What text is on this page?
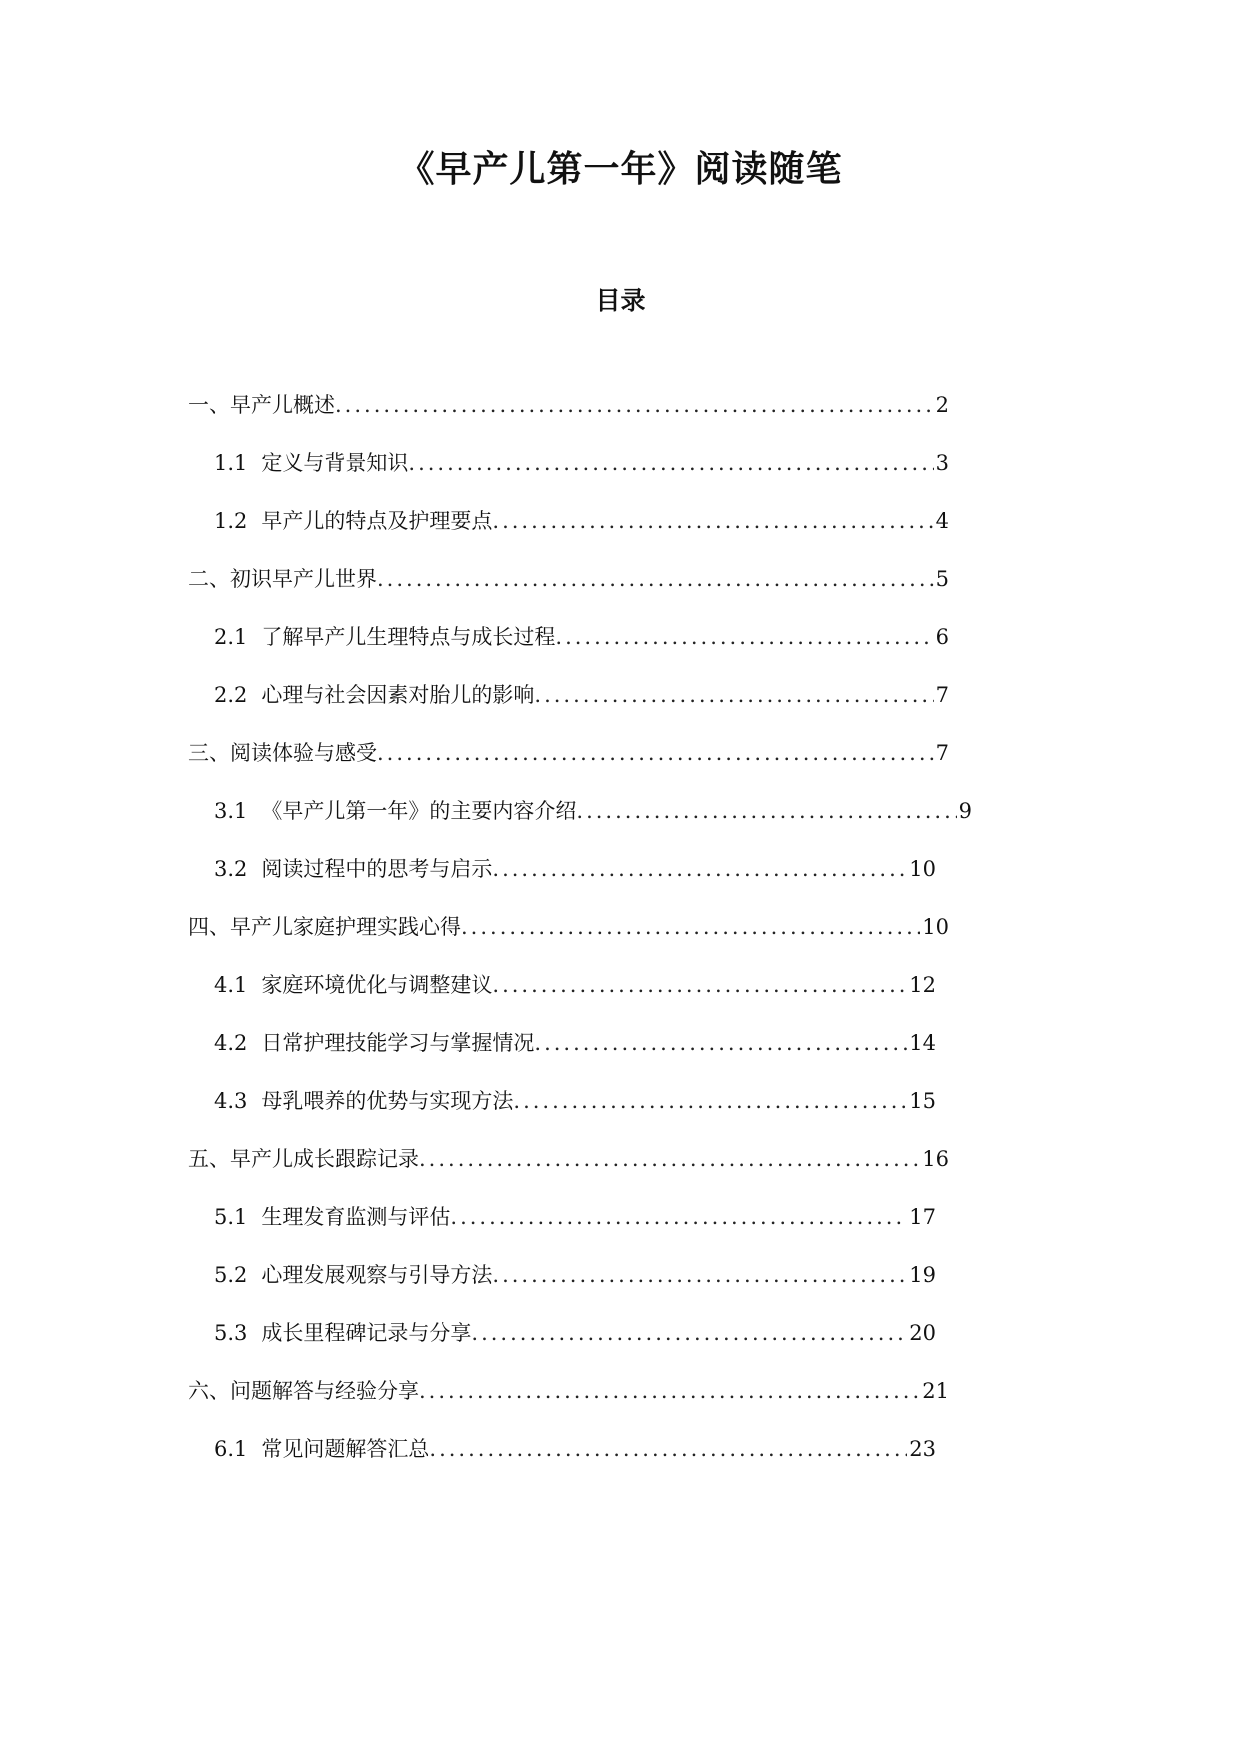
《早产儿第一年》阅读随笔
目录
一、早产儿概述 .....	2
1.1 定义与背景知识 .....	3
1.2 早产儿的特点及护理要点 .....	4
二、初识早产儿世界 .....	5
2.1 了解早产儿生理特点与成长过程 .....	6
2.2 心理与社会因素对胎儿的影响 .....	7
三、阅读体验与感受 .....	7
3.1 《早产儿第一年》的主要内容介绍 .....	9
3.2 阅读过程中的思考与启示 .....	10
四、早产儿家庭护理实践心得 .....	10
4.1 家庭环境优化与调整建议 .....	12
4.2 日常护理技能学习与掌握情况 .....	14
4.3 母乳喂养的优势与实现方法 .....	15
五、早产儿成长跟踪记录 .....	16
5.1 生理发育监测与评估 .....	17
5.2 心理发展观察与引导方法 .....	19
5.3 成长里程碑记录与分享 .....	20
六、问题解答与经验分享 .....	21
6.1 常见问题解答汇总 .....	23
